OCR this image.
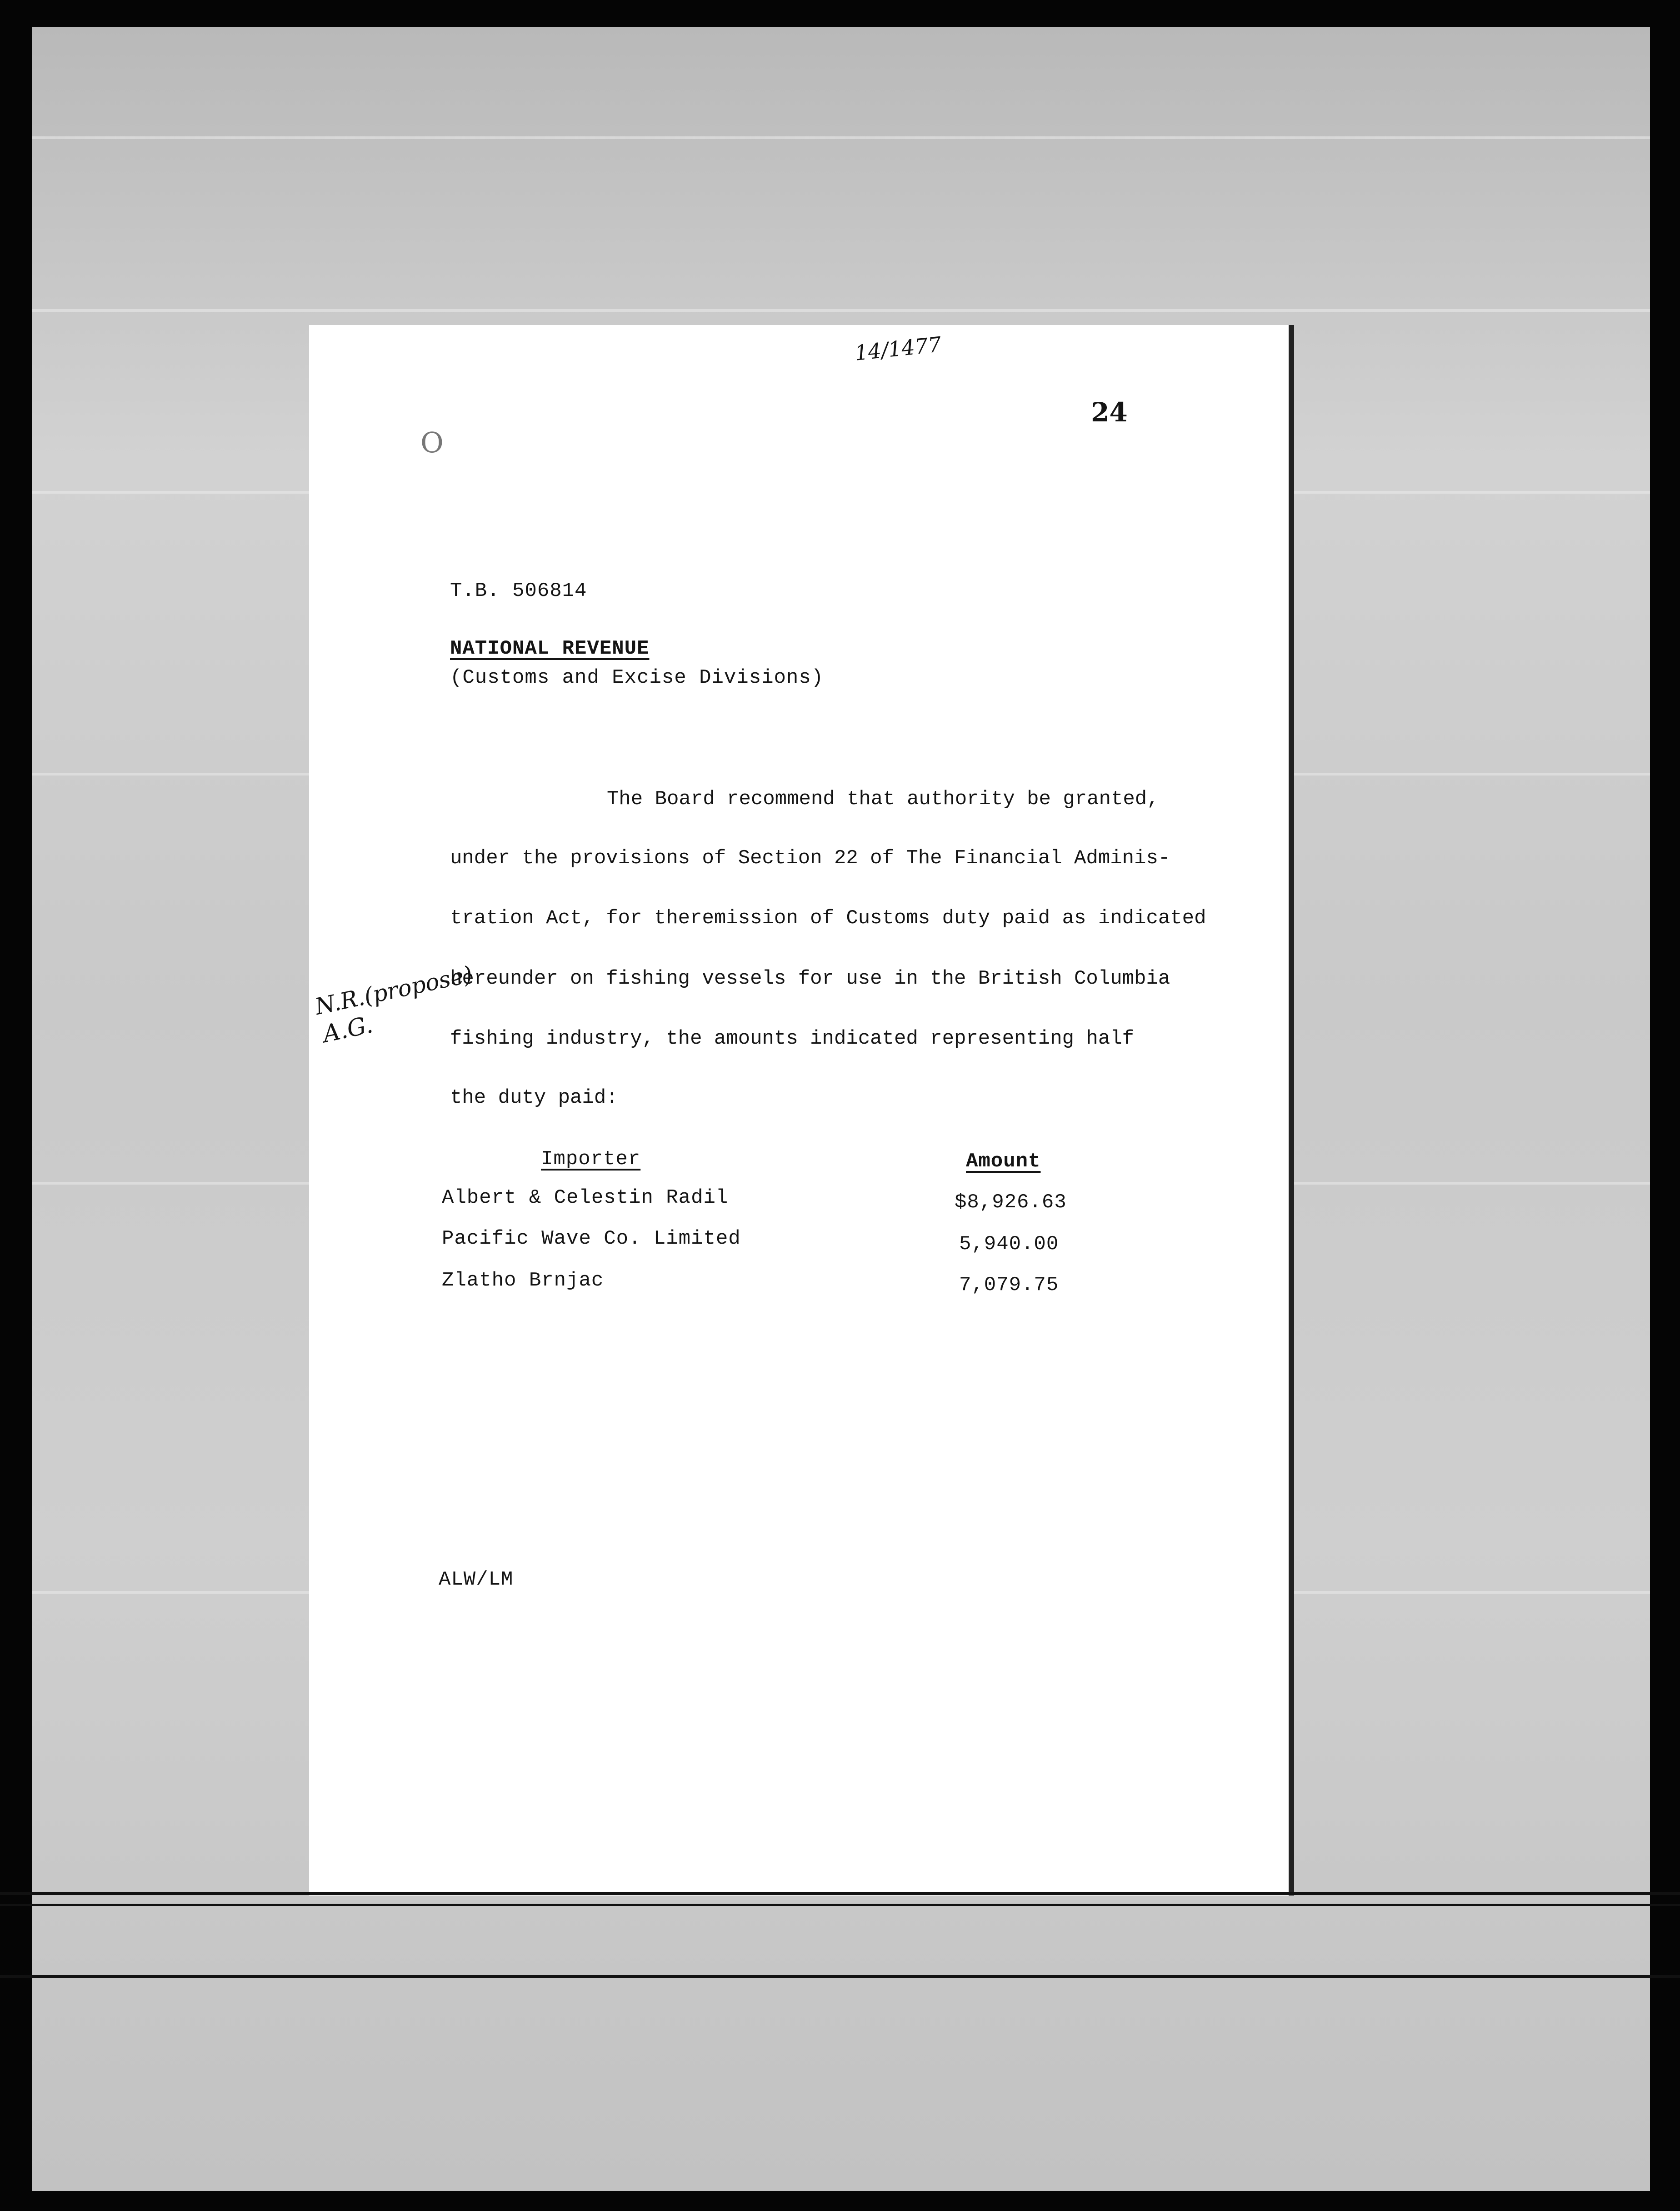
14/1477
24
O
T.B. 506814
NATIONAL REVENUE
(Customs and Excise Divisions)
The Board recommend that authority be granted,
under the provisions of Section 22 of The Financial Adminis-
tration Act, for theremission of Customs duty paid as indicated
hereunder on fishing vessels for use in the British Columbia
fishing industry, the amounts indicated representing half
the duty paid:
N.R.(propose)
A.G.
Importer	Amount
Albert & Celestin Radil	$8,926.63
Pacific Wave Co. Limited	5,940.00
Zlatho Brnjac	7,079.75
ALW/LM
